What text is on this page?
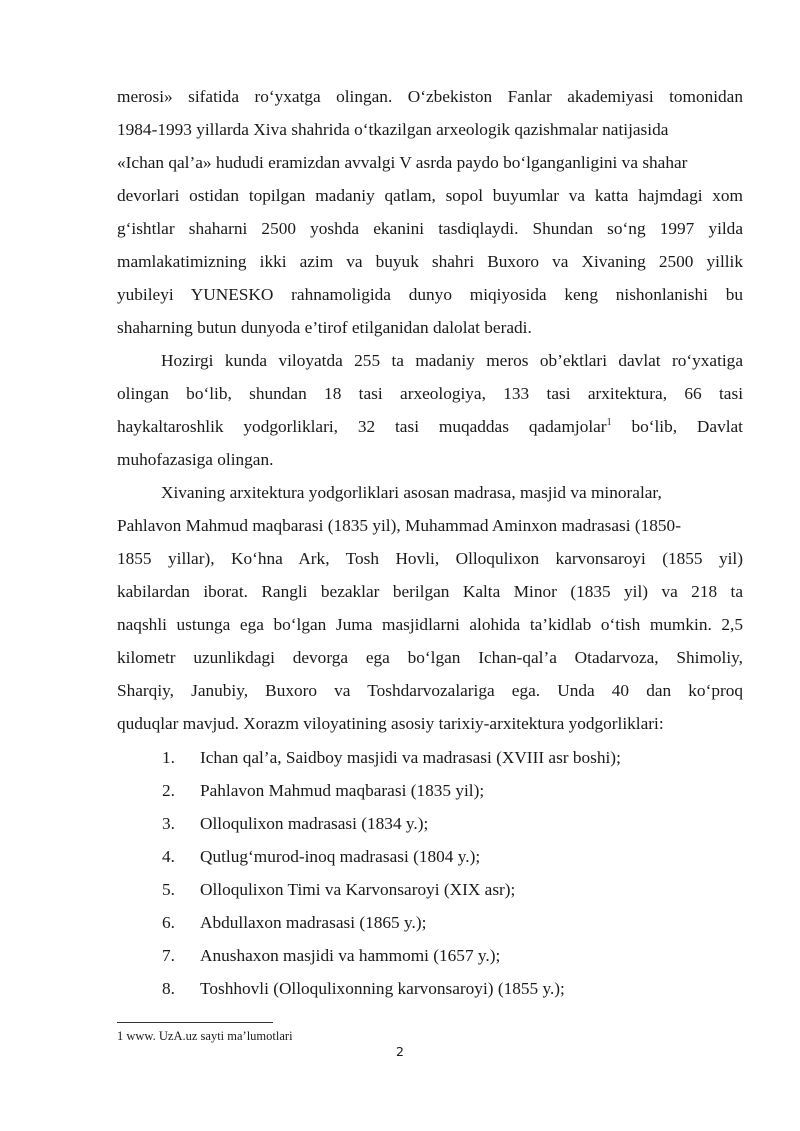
merosi» sifatida ro‘yxatga olingan. O‘zbekiston Fanlar akademiyasi tomonidan
1984-1993 yillarda Xiva shahrida o‘tkazilgan arxeologik qazishmalar natijasida
«Ichan qal’a» hududi eramizdan avvalgi V asrda paydo bo‘lganganligini va shahar
devorlari ostidan topilgan madaniy qatlam, sopol buyumlar va katta hajmdagi xom
g‘ishtlar shaharni 2500 yoshda ekanini tasdiqlaydi. Shundan so‘ng 1997 yilda
mamlakatimizning ikki azim va buyuk shahri Buxoro va Xivaning 2500 yillik
yubileyi YUNESKO rahnamoligida dunyo miqiyosida keng nishonlanishi bu
shaharning butun dunyoda e’tirof etilganidan dalolat beradi.
Hozirgi kunda viloyatda 255 ta madaniy meros ob’ektlari davlat ro‘yxatiga
olingan bo‘lib, shundan 18 tasi arxeologiya, 133 tasi arxitektura, 66 tasi
haykaltaroshlik yodgorliklari, 32 tasi muqaddas qadamjolar$^1$ bo‘lib, Davlat
muhofazasiga olingan.
Xivaning arxitektura yodgorliklari asosan madrasa, masjid va minoralar,
Pahlavon Mahmud maqbarasi (1835 yil), Muhammad Aminxon madrasasi (1850-
1855 yillar), Ko‘hna Ark, Tosh Hovli, Olloqulixon karvonsaroyi (1855 yil)
kabilardan iborat. Rangli bezaklar berilgan Kalta Minor (1835 yil) va 218 ta
naqshli ustunga ega bo‘lgan Juma masjidlarni alohida ta’kidlab o‘tish mumkin. 2,5
kilometr uzunlikdagi devorga ega bo‘lgan Ichan-qal’a Otadarvoza, Shimoliy,
Sharqiy, Janubiy, Buxoro va Toshdarvozalariga ega. Unda 40 dan ko‘proq
quduqlar mavjud. Xorazm viloyatining asosiy tarixiy-arxitektura yodgorliklari:
1. Ichan qal’a, Saidboy masjidi va madrasasi (XVIII asr boshi);
2. Pahlavon Mahmud maqbarasi (1835 yil);
3. Olloqulixon madrasasi (1834 y.);
4. Qutlug‘murod-inoq madrasasi (1804 y.);
5. Olloqulixon Timi va Karvonsaroyi (XIX asr);
6. Abdullaxon madrasasi (1865 y.);
7. Anushaxon masjidi va hammomi (1657 y.);
8. Toshhovli (Olloqulixonning karvonsaroyi) (1855 y.);
1 www. UzA.uz sayti ma’lumotlari
2
